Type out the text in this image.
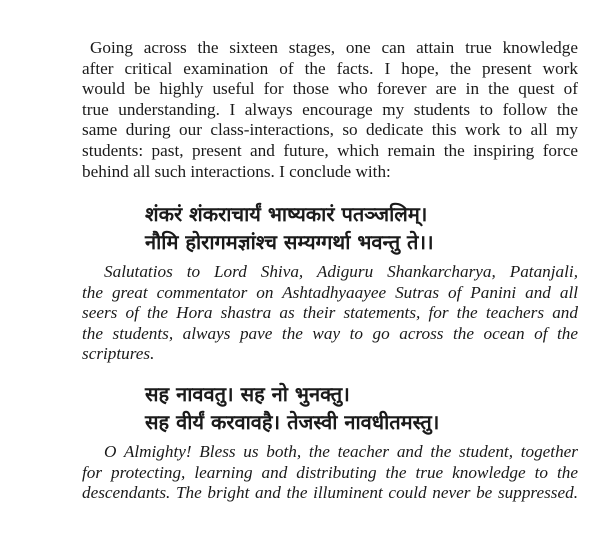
Going across the sixteen stages, one can attain true knowledge
after critical examination of the facts. I hope, the present work
would be highly useful for those who forever are in the quest of
true understanding. I always encourage my students to follow the
same during our class-interactions, so dedicate this work to all my
students: past, present and future, which remain the inspiring force
behind all such interactions. I conclude with:
शंकरं शंकराचार्यं भाष्यकारं पतञ्जलिम्।
नौमि होरागमज्ञांश्च सम्यग्गर्था भवन्तु ते।।
Salutatios to Lord Shiva, Adiguru Shankarcharya, Patanjali,
the great commentator on Ashtadhyaayee Sutras of Panini and all
seers of the Hora shastra as their statements, for the teachers and
the students, always pave the way to go across the ocean of the
scriptures.
सह नाववतु। सह नो भुनक्तु।
सह वीर्यं करवावहै। तेजस्वी नावधीतमस्तु।
O Almighty! Bless us both, the teacher and the student, together
for protecting, learning and distributing the true knowledge to the
descendants. The bright and the illuminent could never be suppressed.
